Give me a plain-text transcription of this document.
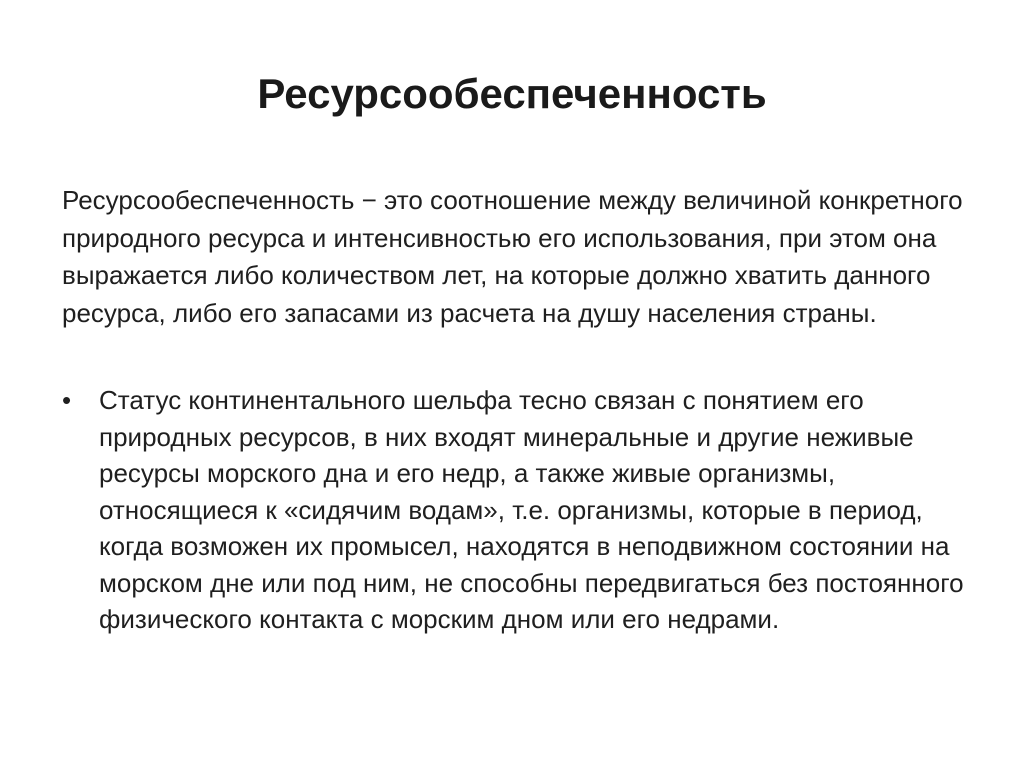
Ресурсообеспеченность

Ресурсообеспеченность − это соотношение между величиной конкретного природного ресурса и интенсивностью его использования, при этом она выражается либо количеством лет, на которые должно хватить данного ресурса, либо его запасами из расчета на душу населения страны.

•	Статус континентального шельфа тесно связан с понятием его природных ресурсов, в них входят минеральные и другие неживые ресурсы морского дна и его недр, а также живые организмы, относящиеся к «сидячим водам», т.е. организмы, которые в период, когда возможен их промысел, находятся в неподвижном состоянии на морском дне или под ним, не способны передвигаться без постоянного физического контакта с морским дном или его недрами.
